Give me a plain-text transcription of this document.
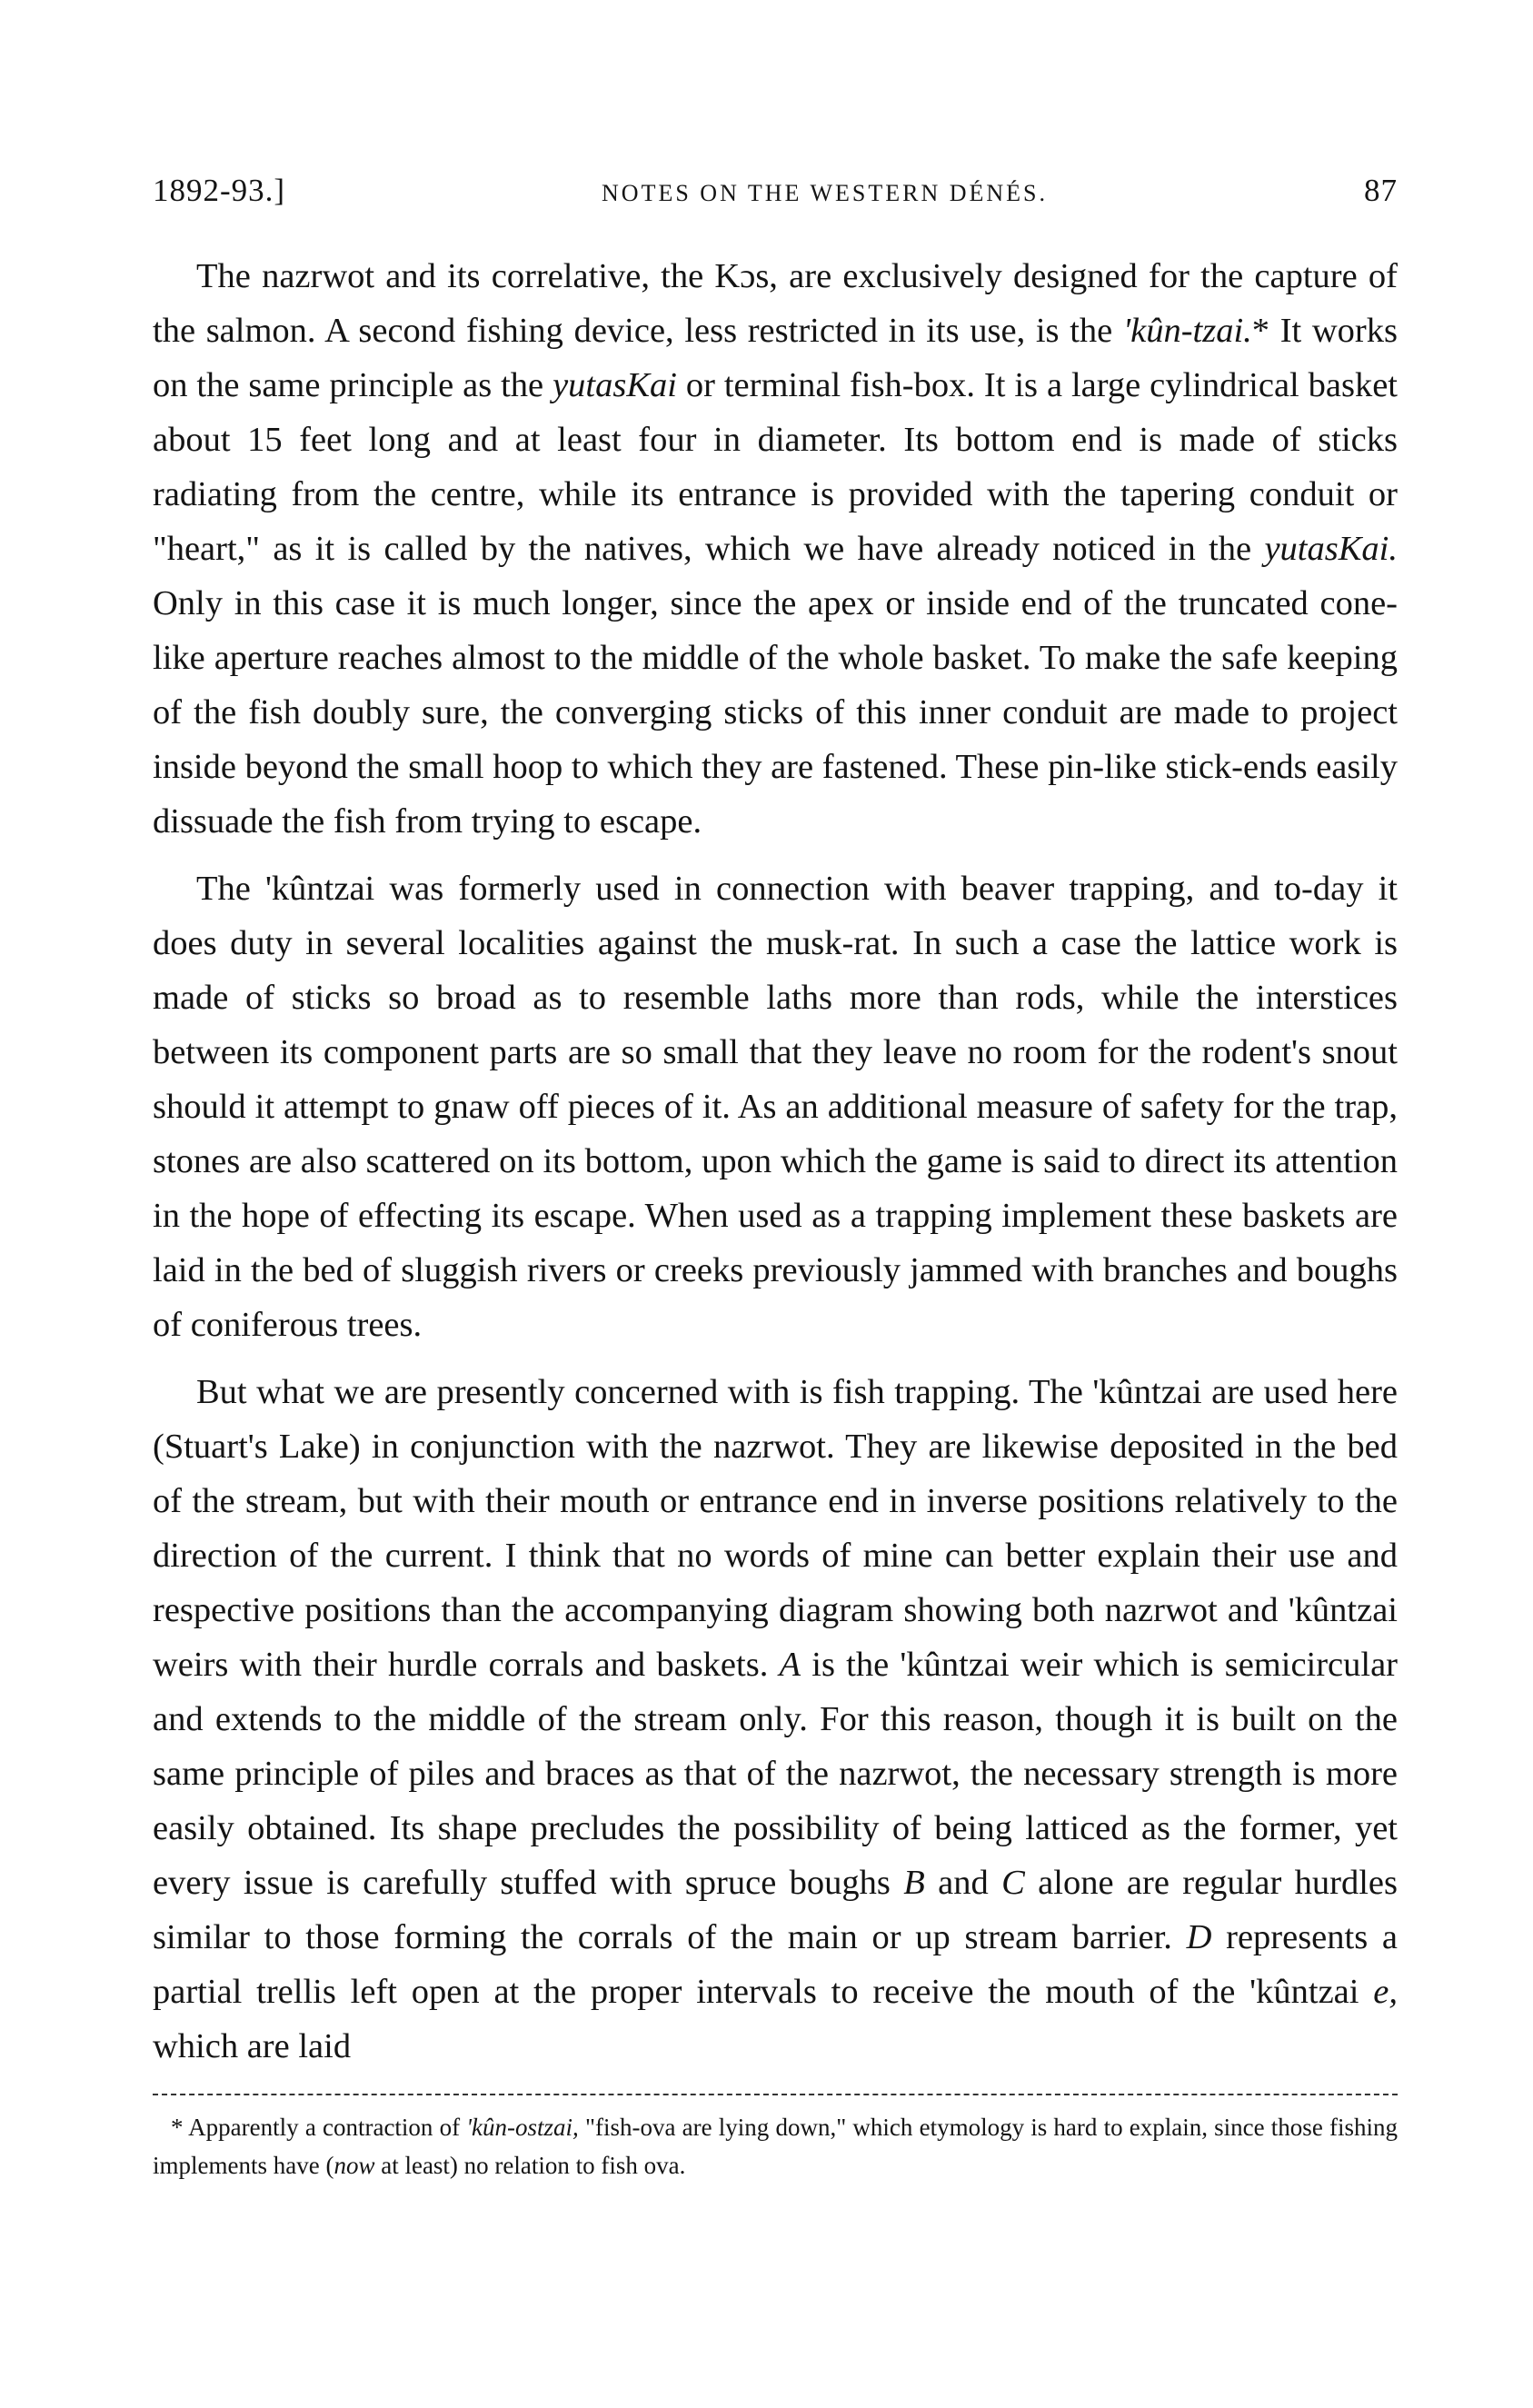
1892-93.]	NOTES ON THE WESTERN DÉNÉS.	87

The nazrwot and its correlative, the Kɔs, are exclusively designed for the capture of the salmon. A second fishing device, less restricted in its use, is the 'kûn-tzai.* It works on the same principle as the yutasKai or terminal fish-box. It is a large cylindrical basket about 15 feet long and at least four in diameter. Its bottom end is made of sticks radiating from the centre, while its entrance is provided with the tapering conduit or "heart," as it is called by the natives, which we have already noticed in the yutasKai. Only in this case it is much longer, since the apex or inside end of the truncated cone-like aperture reaches almost to the middle of the whole basket. To make the safe keeping of the fish doubly sure, the converging sticks of this inner conduit are made to project inside beyond the small hoop to which they are fastened. These pin-like stick-ends easily dissuade the fish from trying to escape.

The 'kûntzai was formerly used in connection with beaver trapping, and to-day it does duty in several localities against the musk-rat. In such a case the lattice work is made of sticks so broad as to resemble laths more than rods, while the interstices between its component parts are so small that they leave no room for the rodent's snout should it attempt to gnaw off pieces of it. As an additional measure of safety for the trap, stones are also scattered on its bottom, upon which the game is said to direct its attention in the hope of effecting its escape. When used as a trapping implement these baskets are laid in the bed of sluggish rivers or creeks previously jammed with branches and boughs of coniferous trees.

But what we are presently concerned with is fish trapping. The 'kûntzai are used here (Stuart's Lake) in conjunction with the nazrwot. They are likewise deposited in the bed of the stream, but with their mouth or entrance end in inverse positions relatively to the direction of the current. I think that no words of mine can better explain their use and respective positions than the accompanying diagram showing both nazrwot and 'kûntzai weirs with their hurdle corrals and baskets. A is the 'kûntzai weir which is semicircular and extends to the middle of the stream only. For this reason, though it is built on the same principle of piles and braces as that of the nazrwot, the necessary strength is more easily obtained. Its shape precludes the possibility of being latticed as the former, yet every issue is carefully stuffed with spruce boughs B and C alone are regular hurdles similar to those forming the corrals of the main or up stream barrier. D represents a partial trellis left open at the proper intervals to receive the mouth of the 'kûntzai e, which are laid

* Apparently a contraction of 'kûn-ostzai, "fish-ova are lying down," which etymology is hard to explain, since those fishing implements have (now at least) no relation to fish ova.
